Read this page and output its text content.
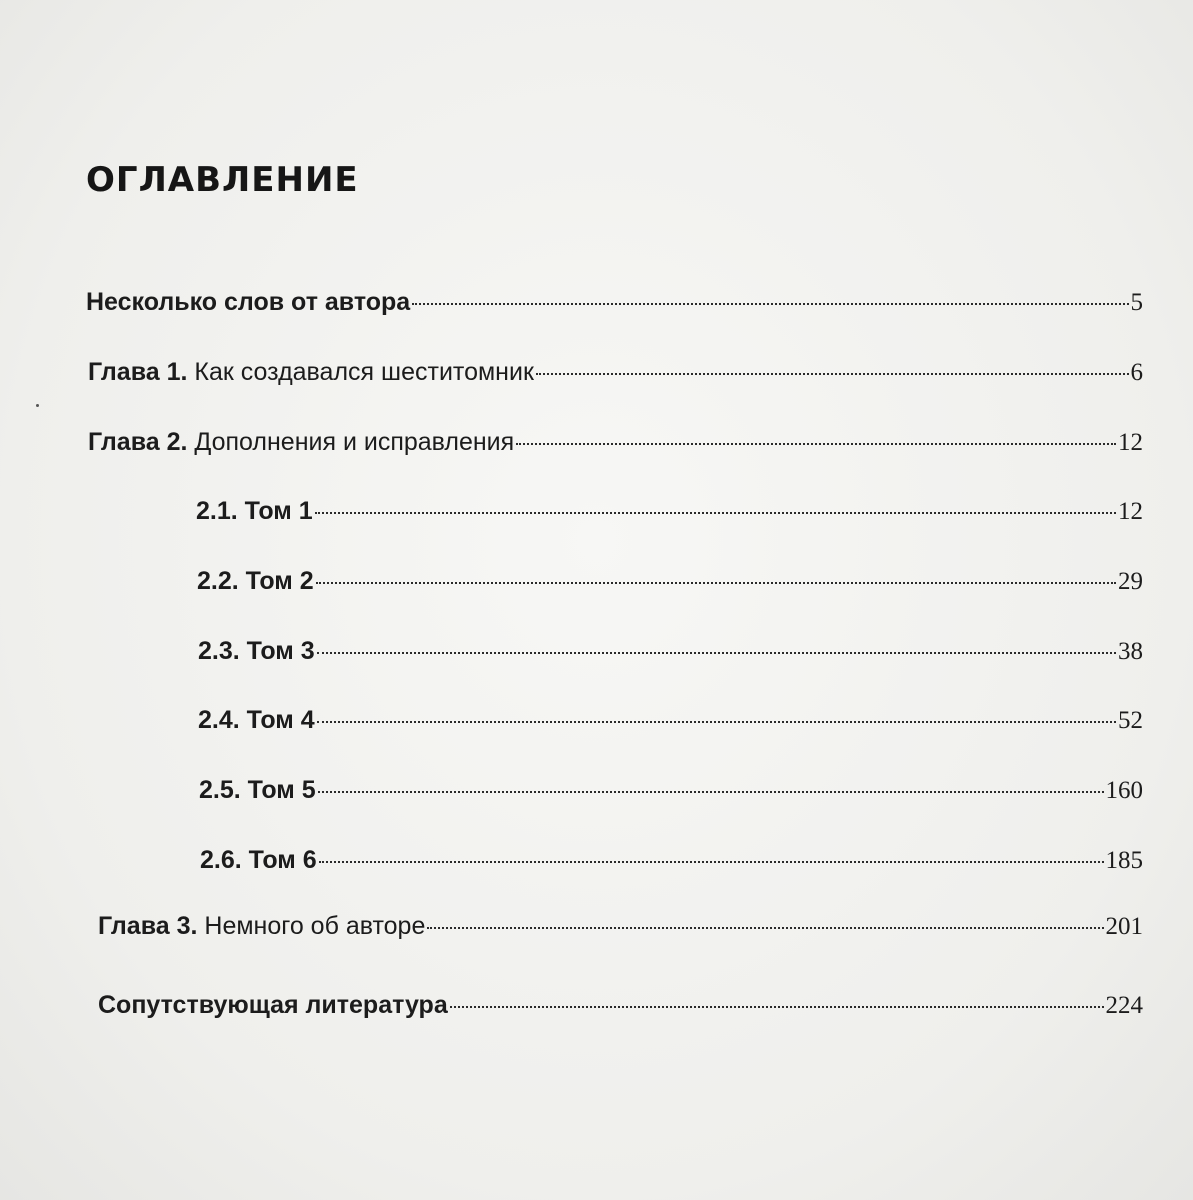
ОГЛАВЛЕНИЕ
Несколько слов от автора	5
Глава 1. Как создавался шеститомник	6
Глава 2. Дополнения и исправления	12
2.1. Том 1	12
2.2. Том 2	29
2.3. Том 3	38
2.4. Том 4	52
2.5. Том 5	160
2.6. Том 6	185
Глава 3. Немного об авторе	201
Сопутствующая литература	224
